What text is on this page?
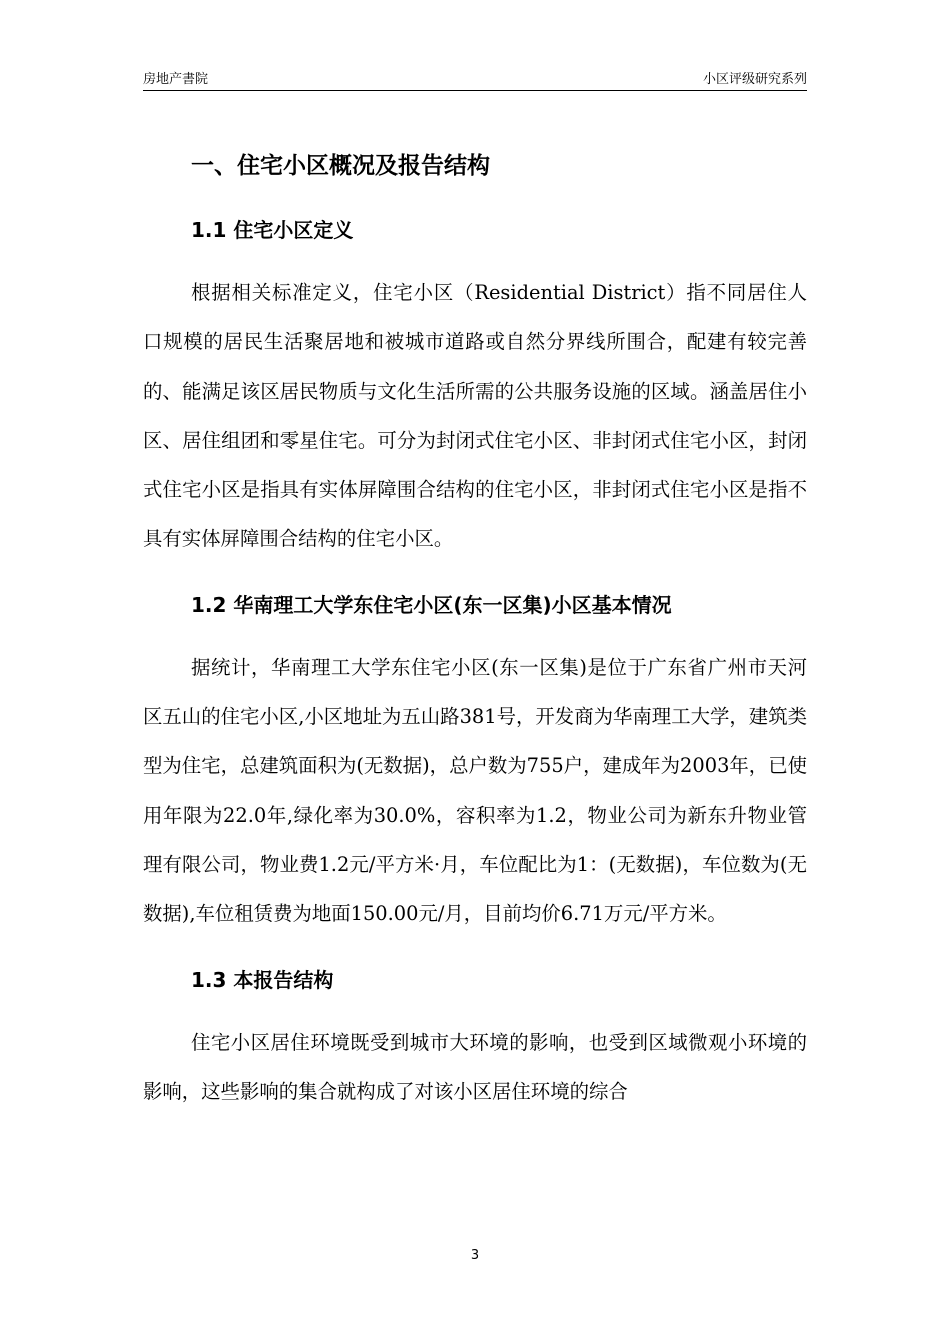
房地产書院	小区评级研究系列
一、住宅小区概况及报告结构
1.1 住宅小区定义

根据相关标准定义，住宅小区（Residential District）指不同居住人口规模的居民生活聚居地和被城市道路或自然分界线所围合，配建有较完善的、能满足该区居民物质与文化生活所需的公共服务设施的区域。涵盖居住小区、居住组团和零星住宅。可分为封闭式住宅小区、非封闭式住宅小区，封闭式住宅小区是指具有实体屏障围合结构的住宅小区，非封闭式住宅小区是指不具有实体屏障围合结构的住宅小区。

1.2 华南理工大学东住宅小区(东一区集)小区基本情况

据统计，华南理工大学东住宅小区(东一区集)是位于广东省广州市天河区五山的住宅小区,小区地址为五山路381号，开发商为华南理工大学，建筑类型为住宅，总建筑面积为(无数据)，总户数为755户，建成年为2003年，已使用年限为22.0年,绿化率为30.0%，容积率为1.2，物业公司为新东升物业管理有限公司，物业费1.2元/平方米·月，车位配比为1：(无数据)，车位数为(无数据),车位租赁费为地面150.00元/月，目前均价6.71万元/平方米。

1.3 本报告结构

住宅小区居住环境既受到城市大环境的影响，也受到区域微观小环境的影响，这些影响的集合就构成了对该小区居住环境的综合

3
